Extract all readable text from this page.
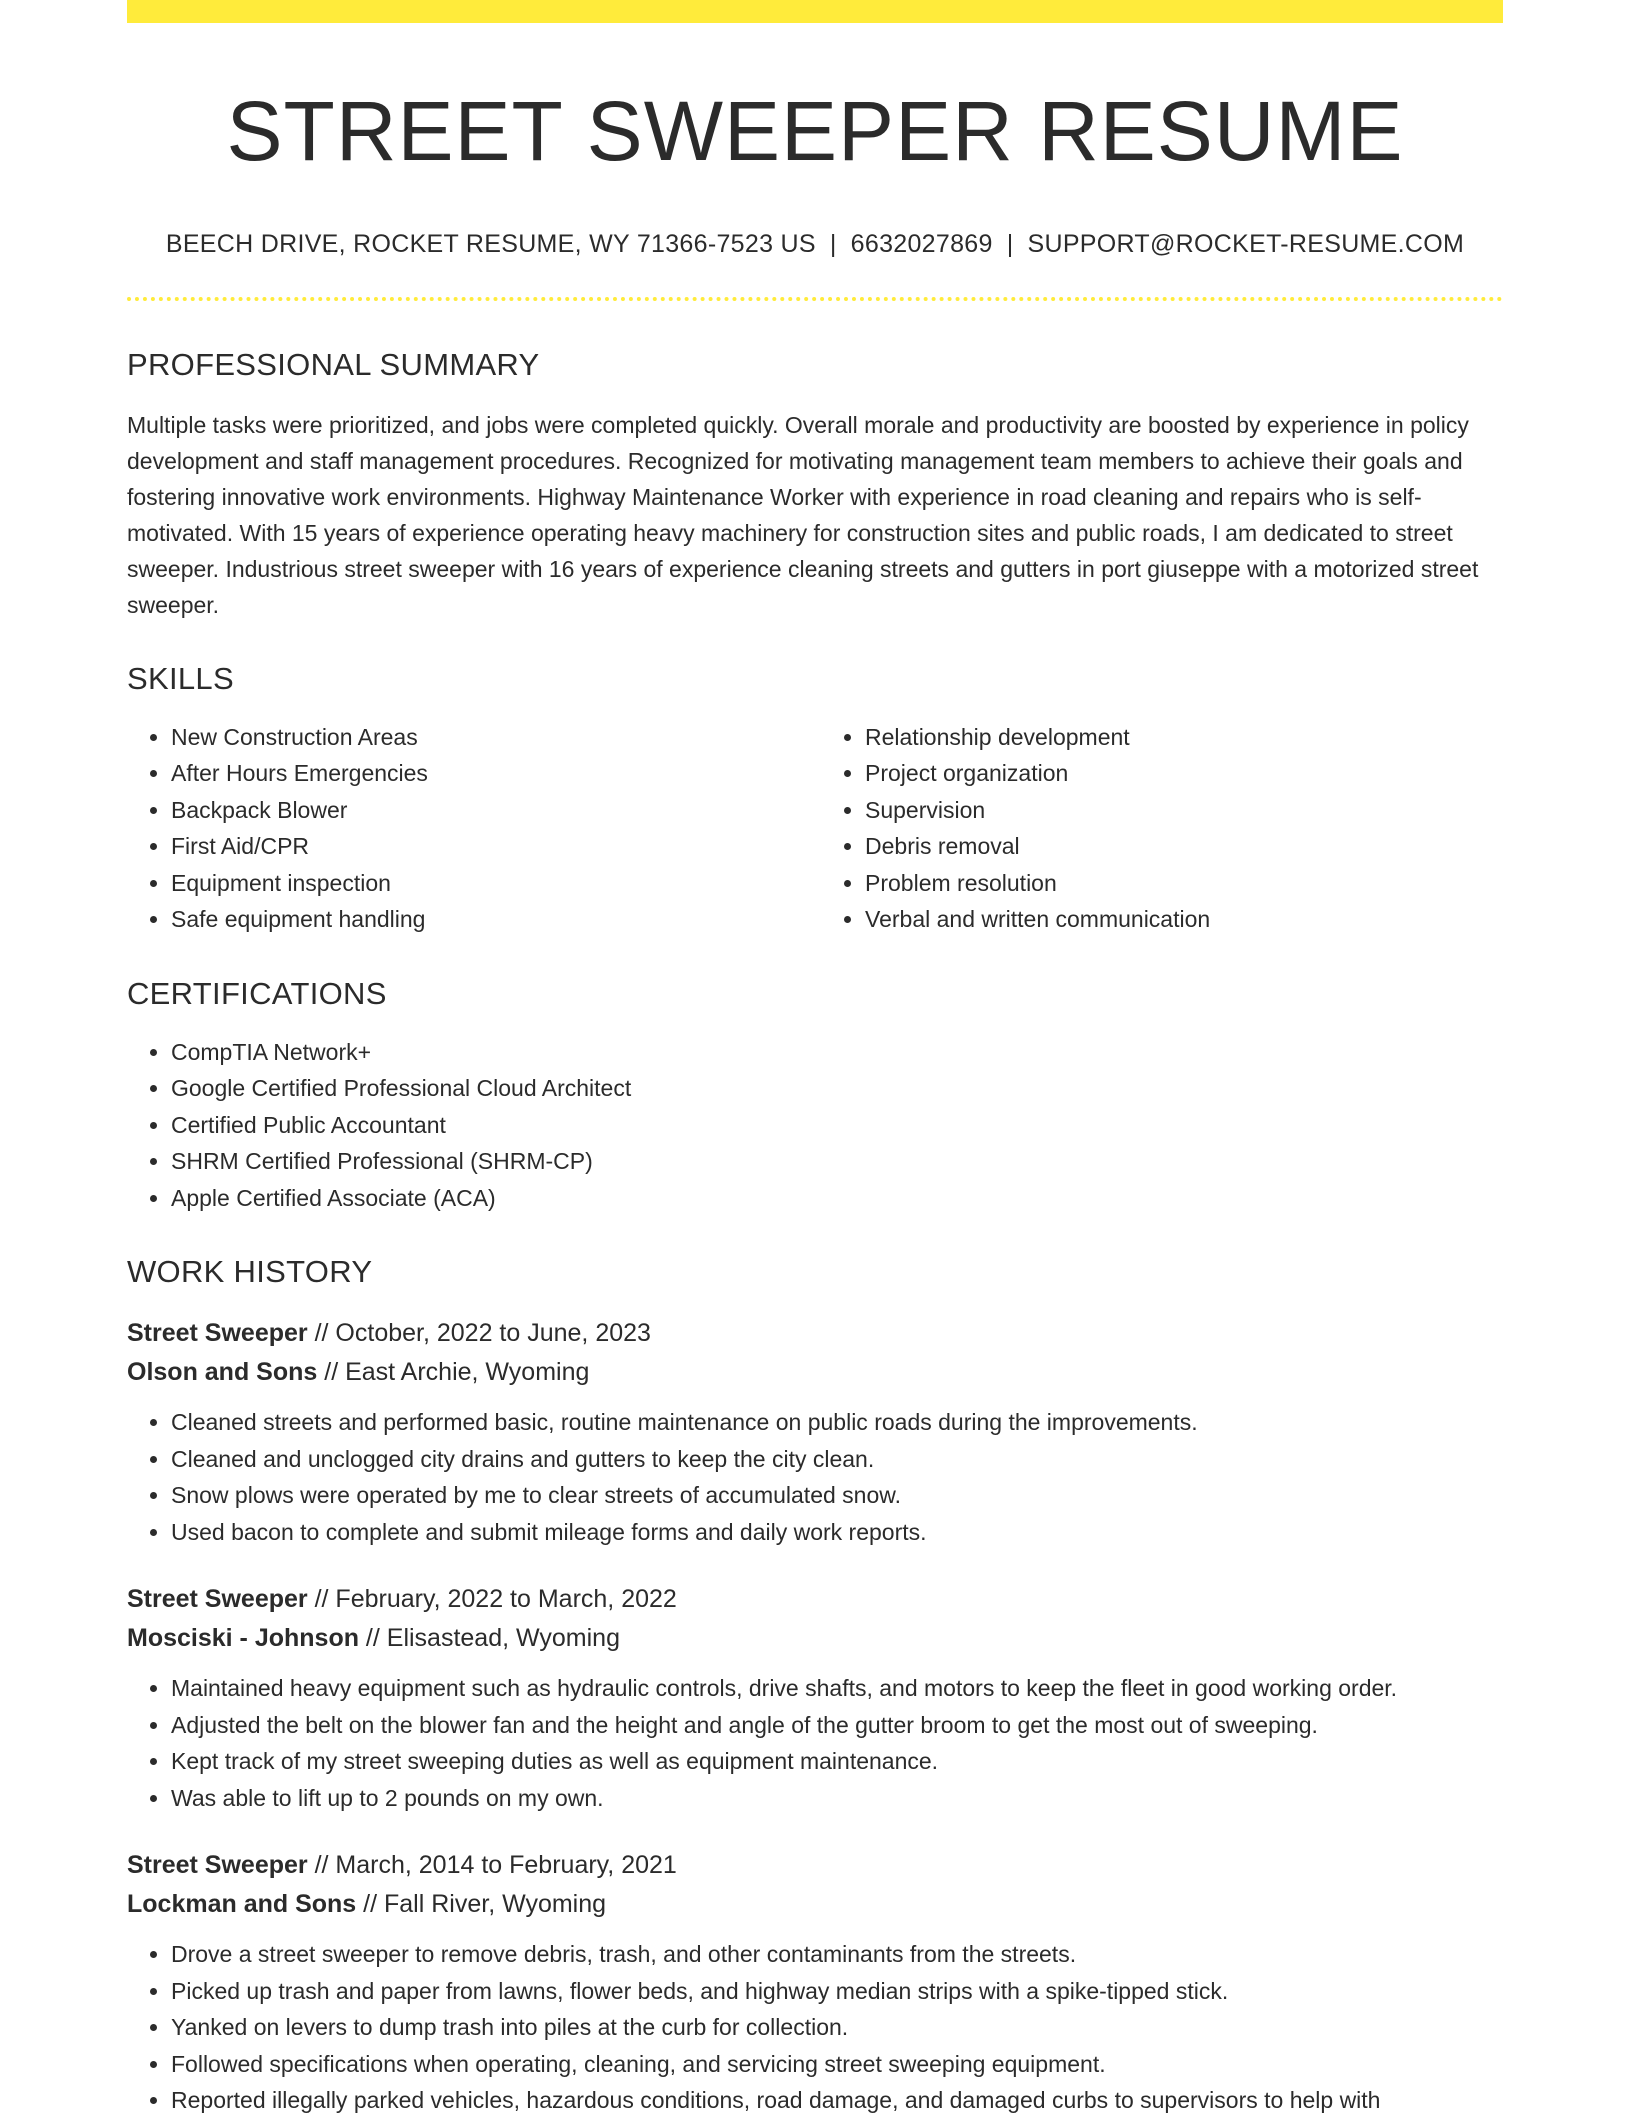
STREET SWEEPER RESUME
BEECH DRIVE, ROCKET RESUME, WY 71366-7523 US | 6632027869 | SUPPORT@ROCKET-RESUME.COM
PROFESSIONAL SUMMARY
Multiple tasks were prioritized, and jobs were completed quickly. Overall morale and productivity are boosted by experience in policy development and staff management procedures. Recognized for motivating management team members to achieve their goals and fostering innovative work environments. Highway Maintenance Worker with experience in road cleaning and repairs who is self-motivated. With 15 years of experience operating heavy machinery for construction sites and public roads, I am dedicated to street sweeper. Industrious street sweeper with 16 years of experience cleaning streets and gutters in port giuseppe with a motorized street sweeper.
SKILLS
• New Construction Areas
• After Hours Emergencies
• Backpack Blower
• First Aid/CPR
• Equipment inspection
• Safe equipment handling
• Relationship development
• Project organization
• Supervision
• Debris removal
• Problem resolution
• Verbal and written communication
CERTIFICATIONS
• CompTIA Network+
• Google Certified Professional Cloud Architect
• Certified Public Accountant
• SHRM Certified Professional (SHRM-CP)
• Apple Certified Associate (ACA)
WORK HISTORY
Street Sweeper // October, 2022 to June, 2023
Olson and Sons // East Archie, Wyoming
• Cleaned streets and performed basic, routine maintenance on public roads during the improvements.
• Cleaned and unclogged city drains and gutters to keep the city clean.
• Snow plows were operated by me to clear streets of accumulated snow.
• Used bacon to complete and submit mileage forms and daily work reports.
Street Sweeper // February, 2022 to March, 2022
Mosciski - Johnson // Elisastead, Wyoming
• Maintained heavy equipment such as hydraulic controls, drive shafts, and motors to keep the fleet in good working order.
• Adjusted the belt on the blower fan and the height and angle of the gutter broom to get the most out of sweeping.
• Kept track of my street sweeping duties as well as equipment maintenance.
• Was able to lift up to 2 pounds on my own.
Street Sweeper // March, 2014 to February, 2021
Lockman and Sons // Fall River, Wyoming
• Drove a street sweeper to remove debris, trash, and other contaminants from the streets.
• Picked up trash and paper from lawns, flower beds, and highway median strips with a spike-tipped stick.
• Yanked on levers to dump trash into piles at the curb for collection.
• Followed specifications when operating, cleaning, and servicing street sweeping equipment.
• Reported illegally parked vehicles, hazardous conditions, road damage, and damaged curbs to supervisors to help with
